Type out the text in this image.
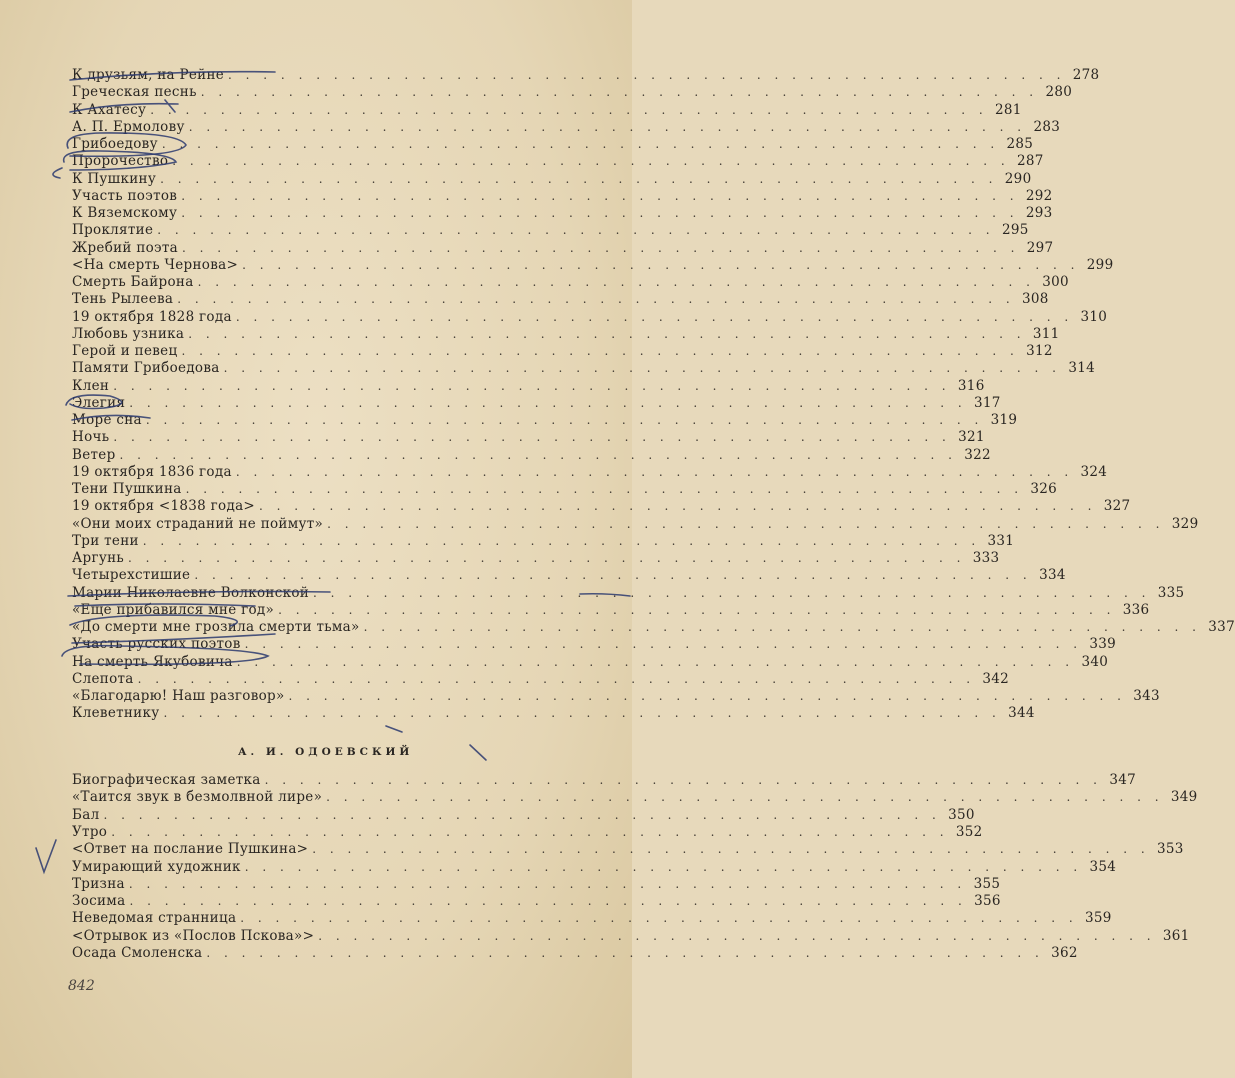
К друзьям, на Рейне . . . . . . . . . . . . . . . . . . . . . . . . . . . . . . . . . . . . . . . . . . . . . . . . 278
Греческая песнь . . . . . . . . . . . . . . . . . . . . . . . . . . . . . . . . . . . . . . . . . . . . . . . . 280
К Ахатесу . . . . . . . . . . . . . . . . . . . . . . . . . . . . . . . . . . . . . . . . . . . . . . . . 281
А. П. Ермолову . . . . . . . . . . . . . . . . . . . . . . . . . . . . . . . . . . . . . . . . . . . . . . . . 283
Грибоедову . . . . . . . . . . . . . . . . . . . . . . . . . . . . . . . . . . . . . . . . . . . . . . . . 285
Пророчество . . . . . . . . . . . . . . . . . . . . . . . . . . . . . . . . . . . . . . . . . . . . . . . . 287
К Пушкину . . . . . . . . . . . . . . . . . . . . . . . . . . . . . . . . . . . . . . . . . . . . . . . . 290
Участь поэтов . . . . . . . . . . . . . . . . . . . . . . . . . . . . . . . . . . . . . . . . . . . . . . . . 292
К Вяземскому . . . . . . . . . . . . . . . . . . . . . . . . . . . . . . . . . . . . . . . . . . . . . . . . 293
Проклятие . . . . . . . . . . . . . . . . . . . . . . . . . . . . . . . . . . . . . . . . . . . . . . . . 295
Жребий поэта . . . . . . . . . . . . . . . . . . . . . . . . . . . . . . . . . . . . . . . . . . . . . . . . 297
<На смерть Чернова> . . . . . . . . . . . . . . . . . . . . . . . . . . . . . . . . . . . . . . . . . . . . . . . . 299
Смерть Байрона . . . . . . . . . . . . . . . . . . . . . . . . . . . . . . . . . . . . . . . . . . . . . . . . 300
Тень Рылеева . . . . . . . . . . . . . . . . . . . . . . . . . . . . . . . . . . . . . . . . . . . . . . . . 308
19 октября 1828 года . . . . . . . . . . . . . . . . . . . . . . . . . . . . . . . . . . . . . . . . . . . . . . . . 310
Любовь узника . . . . . . . . . . . . . . . . . . . . . . . . . . . . . . . . . . . . . . . . . . . . . . . . 311
Герой и певец . . . . . . . . . . . . . . . . . . . . . . . . . . . . . . . . . . . . . . . . . . . . . . . . 312
Памяти Грибоедова . . . . . . . . . . . . . . . . . . . . . . . . . . . . . . . . . . . . . . . . . . . . . . . . 314
Клен . . . . . . . . . . . . . . . . . . . . . . . . . . . . . . . . . . . . . . . . . . . . . . . . 316
Элегия . . . . . . . . . . . . . . . . . . . . . . . . . . . . . . . . . . . . . . . . . . . . . . . . 317
Море сна . . . . . . . . . . . . . . . . . . . . . . . . . . . . . . . . . . . . . . . . . . . . . . . . 319
Ночь . . . . . . . . . . . . . . . . . . . . . . . . . . . . . . . . . . . . . . . . . . . . . . . . 321
Ветер . . . . . . . . . . . . . . . . . . . . . . . . . . . . . . . . . . . . . . . . . . . . . . . . 322
19 октября 1836 года . . . . . . . . . . . . . . . . . . . . . . . . . . . . . . . . . . . . . . . . . . . . . . . . 324
Тени Пушкина . . . . . . . . . . . . . . . . . . . . . . . . . . . . . . . . . . . . . . . . . . . . . . . . 326
19 октября <1838 года> . . . . . . . . . . . . . . . . . . . . . . . . . . . . . . . . . . . . . . . . . . . . . . . . 327
«Они моих страданий не поймут» . . . . . . . . . . . . . . . . . . . . . . . . . . . . . . . . . . . . . . . . . . . . . . . . 329
Три тени . . . . . . . . . . . . . . . . . . . . . . . . . . . . . . . . . . . . . . . . . . . . . . . . 331
Аргунь . . . . . . . . . . . . . . . . . . . . . . . . . . . . . . . . . . . . . . . . . . . . . . . . 333
Четырехстишие . . . . . . . . . . . . . . . . . . . . . . . . . . . . . . . . . . . . . . . . . . . . . . . . 334
Марии Николаевне Волконской . . . . . . . . . . . . . . . . . . . . . . . . . . . . . . . . . . . . . . . . . . . . . . . . 335
«Еще прибавился мне год» . . . . . . . . . . . . . . . . . . . . . . . . . . . . . . . . . . . . . . . . . . . . . . . . 336
«До смерти мне грозила смерти тьма» . . . . . . . . . . . . . . . . . . . . . . . . . . . . . . . . . . . . . . . . . . . . . . . . 337
Участь русских поэтов . . . . . . . . . . . . . . . . . . . . . . . . . . . . . . . . . . . . . . . . . . . . . . . . 339
На смерть Якубовича . . . . . . . . . . . . . . . . . . . . . . . . . . . . . . . . . . . . . . . . . . . . . . . . 340
Слепота . . . . . . . . . . . . . . . . . . . . . . . . . . . . . . . . . . . . . . . . . . . . . . . . 342
«Благодарю! Наш разговор» . . . . . . . . . . . . . . . . . . . . . . . . . . . . . . . . . . . . . . . . . . . . . . . . 343
Клеветнику . . . . . . . . . . . . . . . . . . . . . . . . . . . . . . . . . . . . . . . . . . . . . . . . 344
А. И. ОДОЕВСКИЙ
Биографическая заметка . . . . . . . . . . . . . . . . . . . . . . . . . . . . . . . . . . . . . . . . . . . . . . . . 347
«Таится звук в безмолвной лире» . . . . . . . . . . . . . . . . . . . . . . . . . . . . . . . . . . . . . . . . . . . . . . . . 349
Бал . . . . . . . . . . . . . . . . . . . . . . . . . . . . . . . . . . . . . . . . . . . . . . . . 350
Утро . . . . . . . . . . . . . . . . . . . . . . . . . . . . . . . . . . . . . . . . . . . . . . . . 352
<Ответ на послание Пушкина> . . . . . . . . . . . . . . . . . . . . . . . . . . . . . . . . . . . . . . . . . . . . . . . . 353
Умирающий художник . . . . . . . . . . . . . . . . . . . . . . . . . . . . . . . . . . . . . . . . . . . . . . . . 354
Тризна . . . . . . . . . . . . . . . . . . . . . . . . . . . . . . . . . . . . . . . . . . . . . . . . 355
Зосима . . . . . . . . . . . . . . . . . . . . . . . . . . . . . . . . . . . . . . . . . . . . . . . . 356
Неведомая странница . . . . . . . . . . . . . . . . . . . . . . . . . . . . . . . . . . . . . . . . . . . . . . . . 359
<Отрывок из «Послов Пскова»> . . . . . . . . . . . . . . . . . . . . . . . . . . . . . . . . . . . . . . . . . . . . . . . . 361
Осада Смоленска . . . . . . . . . . . . . . . . . . . . . . . . . . . . . . . . . . . . . . . . . . . . . . . . 362
842
